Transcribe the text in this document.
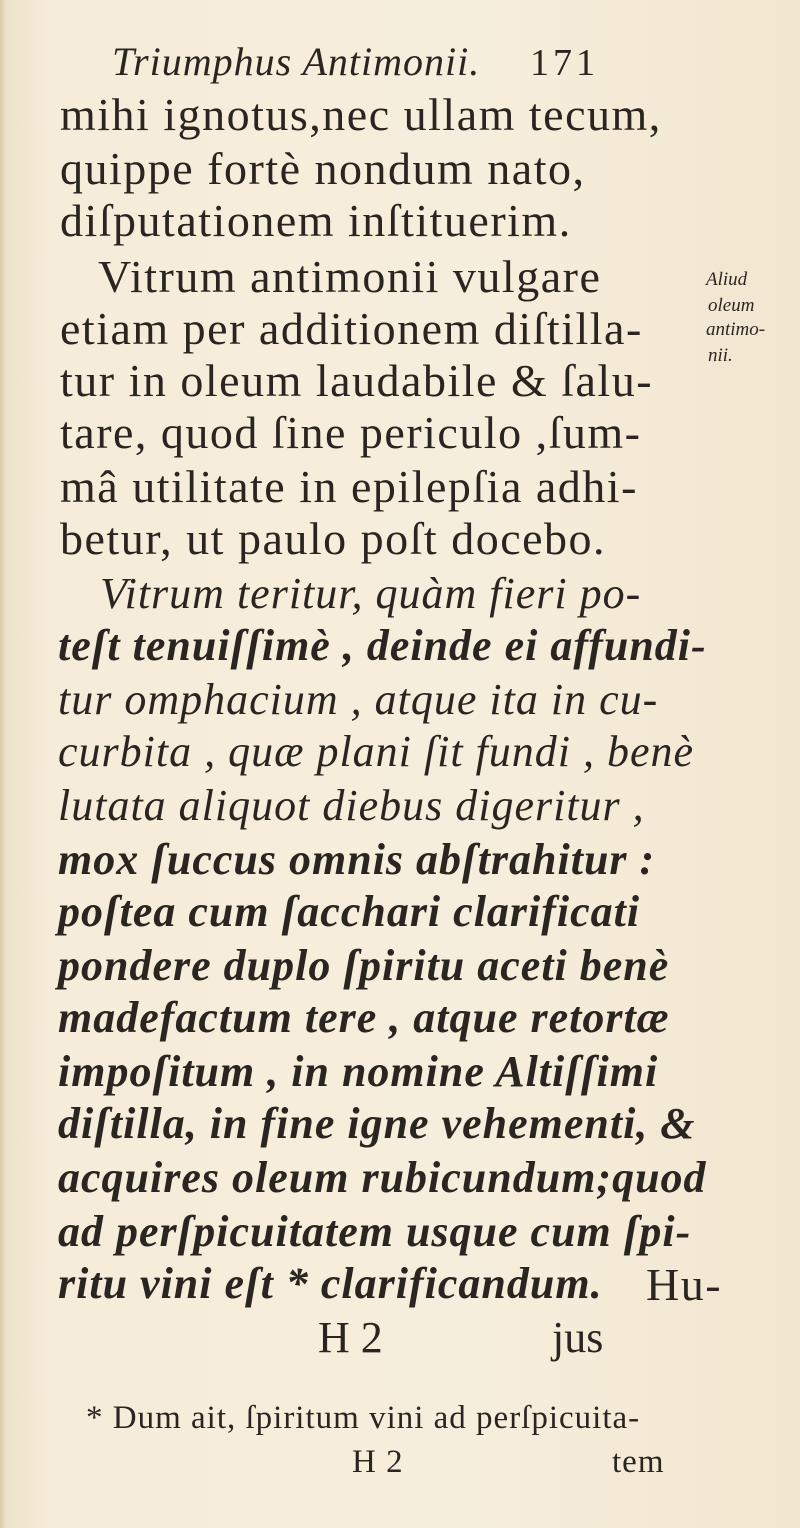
Triumphus Antimonii. 171
mihi ignotus,nec ullam tecum,
quippe fortè nondum nato,
diſputationem inſtituerim.
Vitrum antimonii vulgare
etiam per additionem diſtilla-
tur in oleum laudabile & ſalu-
tare, quod ſine periculo ,ſum-
mâ utilitate in epilepſia adhi-
betur, ut paulo poſt docebo.
Aliud
oleum
antimo-
nii.
Vitrum teritur, quàm fieri po-
teſt tenuiſſimè , deinde ei affundi-
tur omphacium , atque ita in cu-
curbita , quæ plani ſit fundi , benè
lutata aliquot diebus digeritur ,
mox ſuccus omnis abſtrahitur :
poſtea cum ſacchari clarificati
pondere duplo ſpiritu aceti benè
madefactum tere , atque retortæ
impoſitum , in nomine Altiſſimi
diſtilla, in fine igne vehementi, &
acquires oleum rubicundum;quod
ad perſpicuitatem usque cum ſpi-
ritu vini eſt * clarificandum. Hu-
H 2	jus
* Dum ait, ſpiritum vini ad perſpicuita-
H 2	tem
